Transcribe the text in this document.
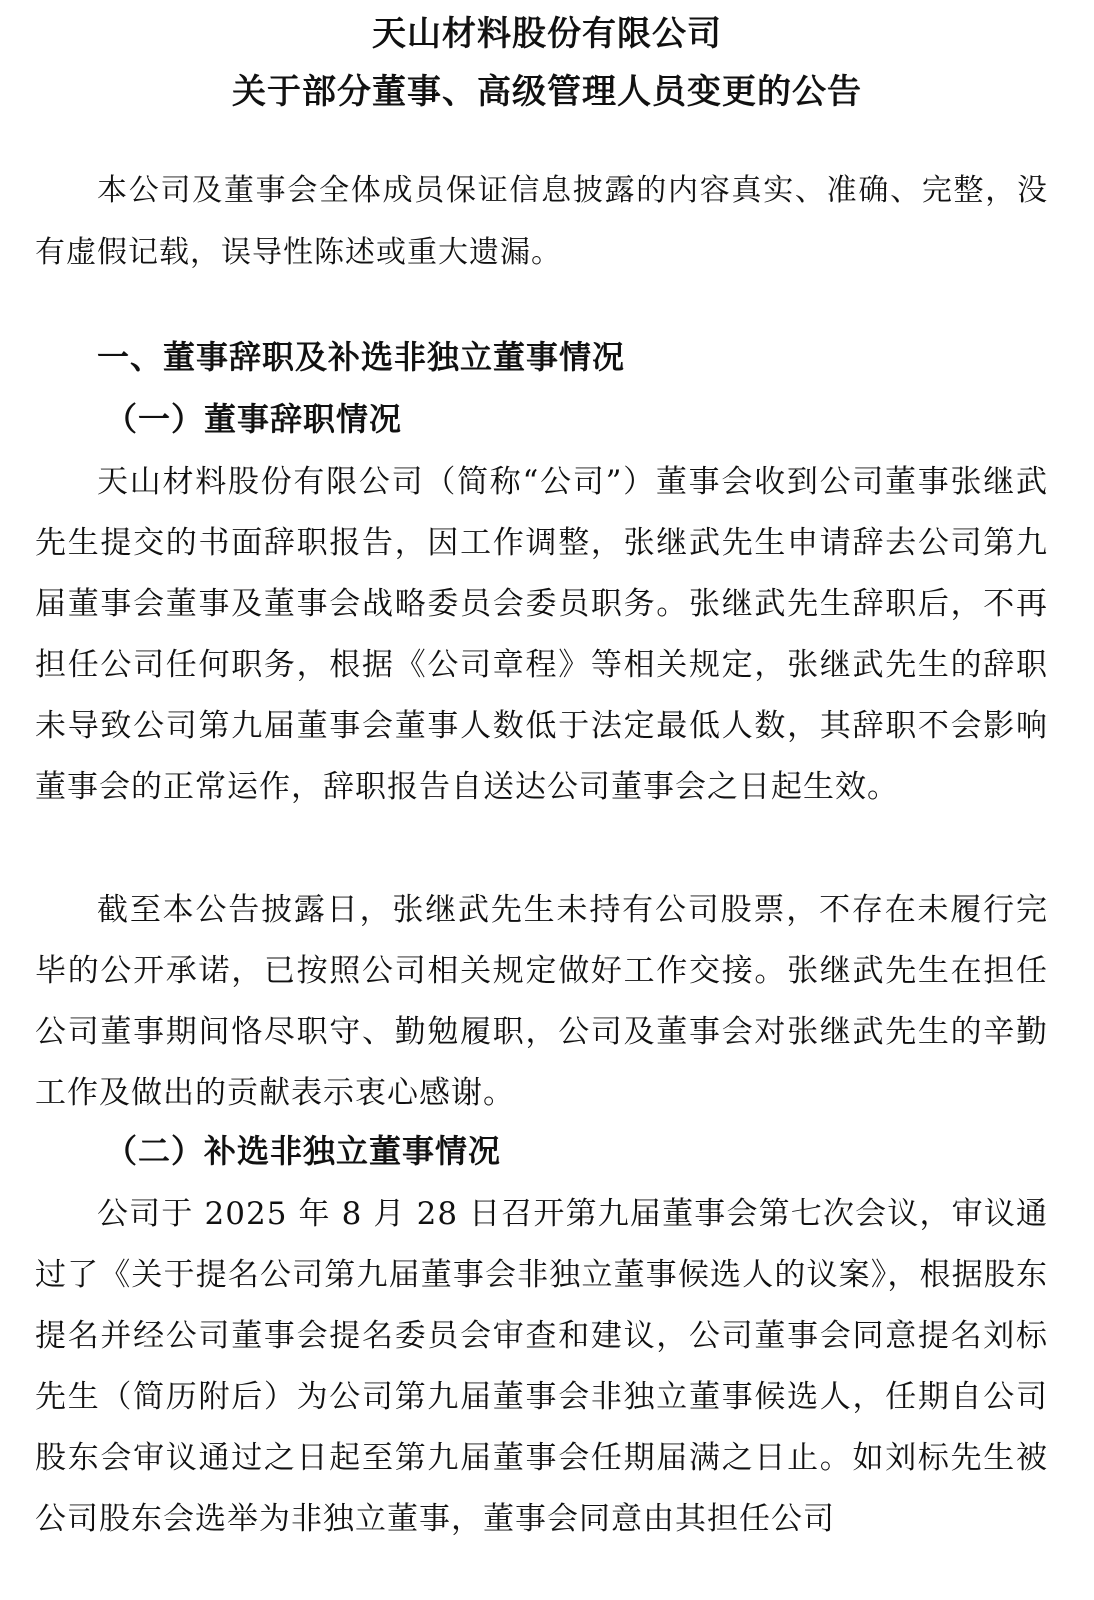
天山材料股份有限公司
关于部分董事、高级管理人员变更的公告

本公司及董事会全体成员保证信息披露的内容真实、准确、完整，没有虚假记载，误导性陈述或重大遗漏。

一、董事辞职及补选非独立董事情况
（一）董事辞职情况

天山材料股份有限公司（简称“公司”）董事会收到公司董事张继武先生提交的书面辞职报告，因工作调整，张继武先生申请辞去公司第九届董事会董事及董事会战略委员会委员职务。张继武先生辞职后，不再担任公司任何职务，根据《公司章程》等相关规定，张继武先生的辞职未导致公司第九届董事会董事人数低于法定最低人数，其辞职不会影响董事会的正常运作，辞职报告自送达公司董事会之日起生效。

截至本公告披露日，张继武先生未持有公司股票，不存在未履行完毕的公开承诺，已按照公司相关规定做好工作交接。张继武先生在担任公司董事期间恪尽职守、勤勉履职，公司及董事会对张继武先生的辛勤工作及做出的贡献表示衷心感谢。

（二）补选非独立董事情况

公司于 2025 年 8 月 28 日召开第九届董事会第七次会议，审议通过了《关于提名公司第九届董事会非独立董事候选人的议案》，根据股东提名并经公司董事会提名委员会审查和建议，公司董事会同意提名刘标先生（简历附后）为公司第九届董事会非独立董事候选人，任期自公司股东会审议通过之日起至第九届董事会任期届满之日止。如刘标先生被公司股东会选举为非独立董事，董事会同意由其担任公司
